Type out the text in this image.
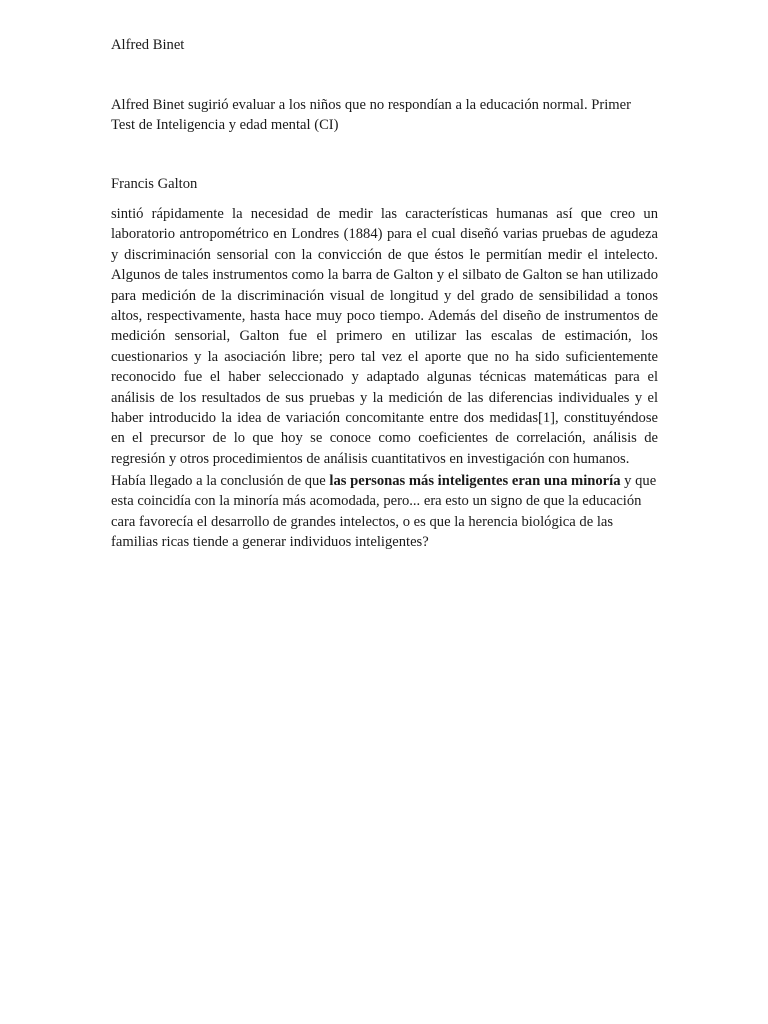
Alfred Binet

Alfred Binet sugirió evaluar a los niños que no respondían a la educación normal. Primer Test de Inteligencia y edad mental (CI)

Francis Galton

sintió rápidamente la necesidad de medir las características humanas así que creo un laboratorio antropométrico en Londres (1884) para el cual diseñó varias pruebas de agudeza y discriminación sensorial con la convicción de que éstos le permitían medir el intelecto. Algunos de tales instrumentos como la barra de Galton y el silbato de Galton se han utilizado para medición de la discriminación visual de longitud y del grado de sensibilidad a tonos altos, respectivamente, hasta hace muy poco tiempo. Además del diseño de instrumentos de medición sensorial, Galton fue el primero en utilizar las escalas de estimación, los cuestionarios y la asociación libre; pero tal vez el aporte que no ha sido suficientemente reconocido fue el haber seleccionado y adaptado algunas técnicas matemáticas para el análisis de los resultados de sus pruebas y la medición de las diferencias individuales y el haber introducido la idea de variación concomitante entre dos medidas[1], constituyéndose en el precursor de lo que hoy se conoce como coeficientes de correlación, análisis de regresión y otros procedimientos de análisis cuantitativos en investigación con humanos.

Había llegado a la conclusión de que las personas más inteligentes eran una minoría y que esta coincidía con la minoría más acomodada, pero... era esto un signo de que la educación cara favorecía el desarrollo de grandes intelectos, o es que la herencia biológica de las familias ricas tiende a generar individuos inteligentes?
